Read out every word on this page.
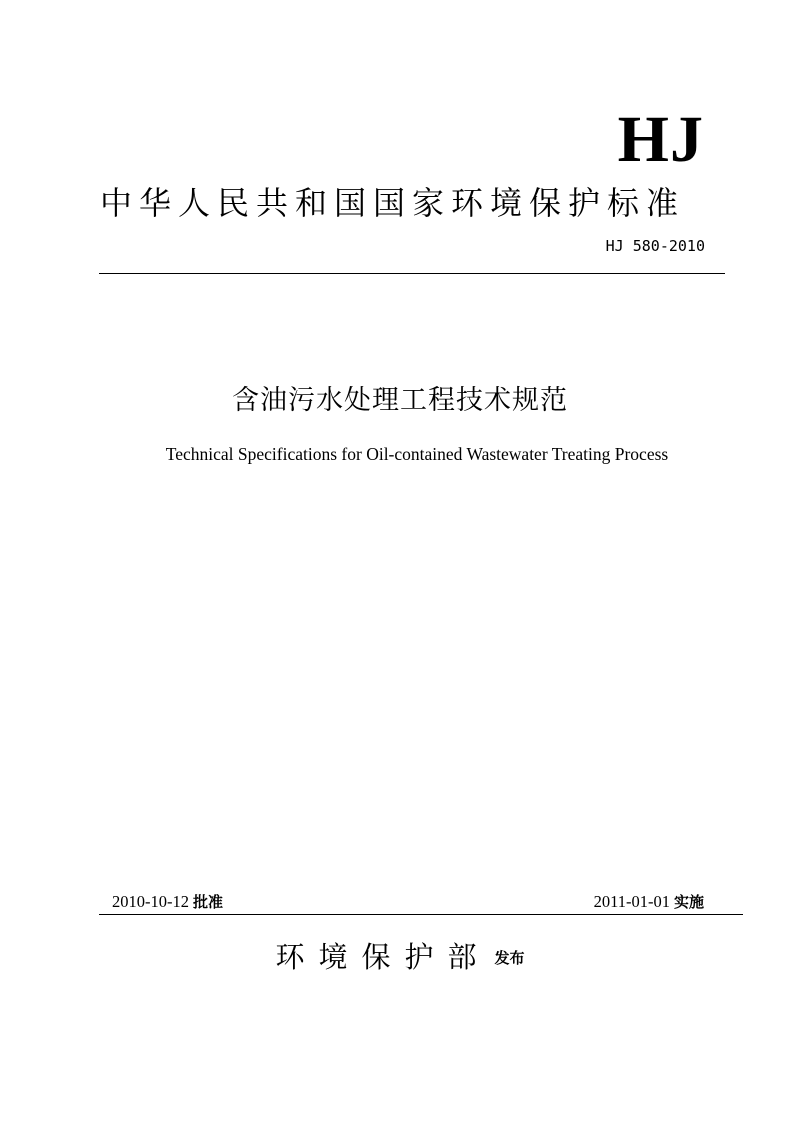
HJ
中华人民共和国国家环境保护标准
HJ 580-2010
含油污水处理工程技术规范
Technical Specifications for Oil-contained Wastewater Treating Process
2010-10-12 批准	2011-01-01 实施
环境保护部 发布
